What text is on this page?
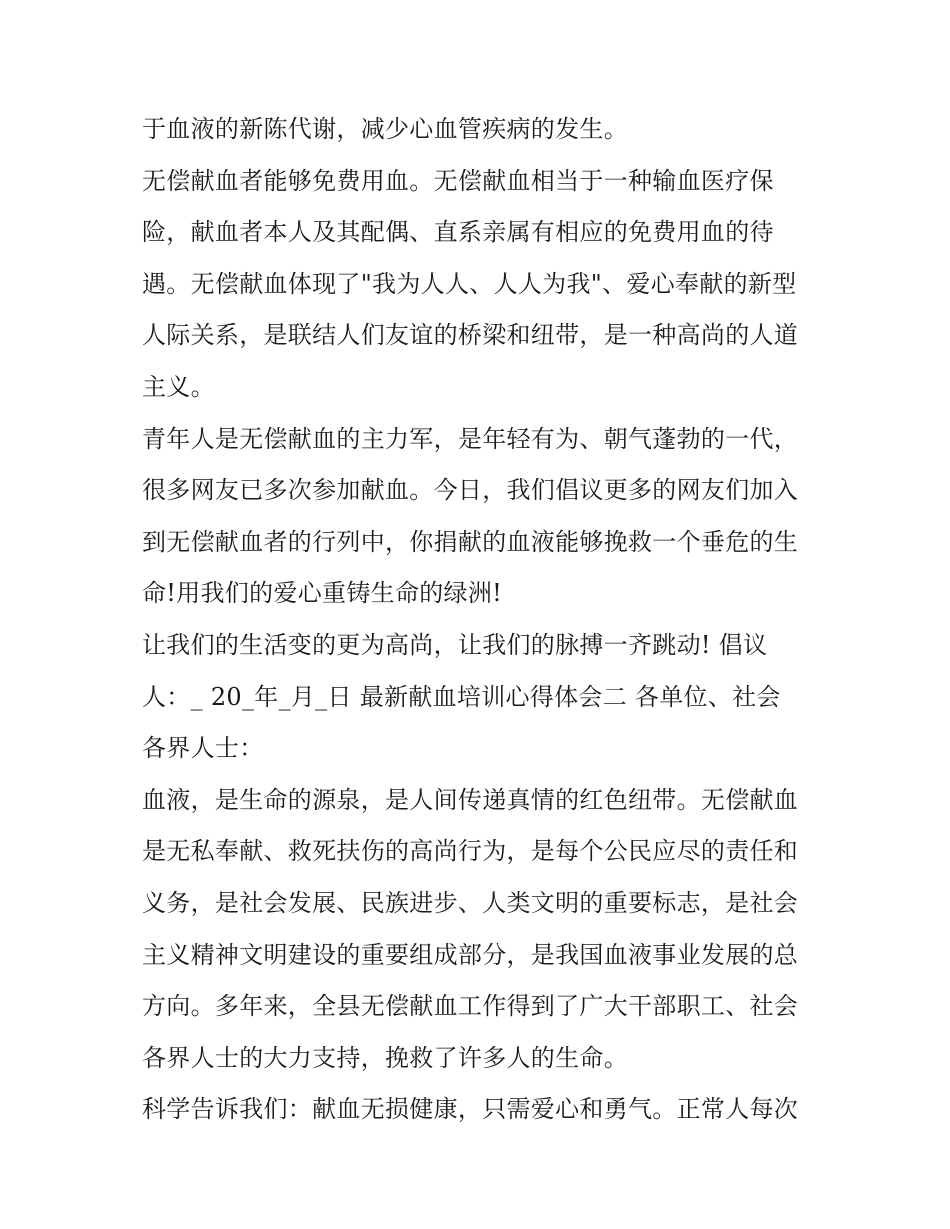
于血液的新陈代谢，减少心血管疾病的发生。
无偿献血者能够免费用血。无偿献血相当于一种输血医疗保
险，献血者本人及其配偶、直系亲属有相应的免费用血的待
遇。无偿献血体现了"我为人人、人人为我"、爱心奉献的新型
人际关系，是联结人们友谊的桥梁和纽带，是一种高尚的人道
主义。
青年人是无偿献血的主力军，是年轻有为、朝气蓬勃的一代，
很多网友已多次参加献血。今日，我们倡议更多的网友们加入
到无偿献血者的行列中，你捐献的血液能够挽救一个垂危的生
命!用我们的爱心重铸生命的绿洲!
让我们的生活变的更为高尚，让我们的脉搏一齐跳动! 倡议
人：_ 20_年_月_日 最新献血培训心得体会二 各单位、社会
各界人士：
血液，是生命的源泉，是人间传递真情的红色纽带。无偿献血
是无私奉献、救死扶伤的高尚行为，是每个公民应尽的责任和
义务，是社会发展、民族进步、人类文明的重要标志，是社会
主义精神文明建设的重要组成部分，是我国血液事业发展的总
方向。多年来，全县无偿献血工作得到了广大干部职工、社会
各界人士的大力支持，挽救了许多人的生命。
科学告诉我们：献血无损健康，只需爱心和勇气。正常人每次
